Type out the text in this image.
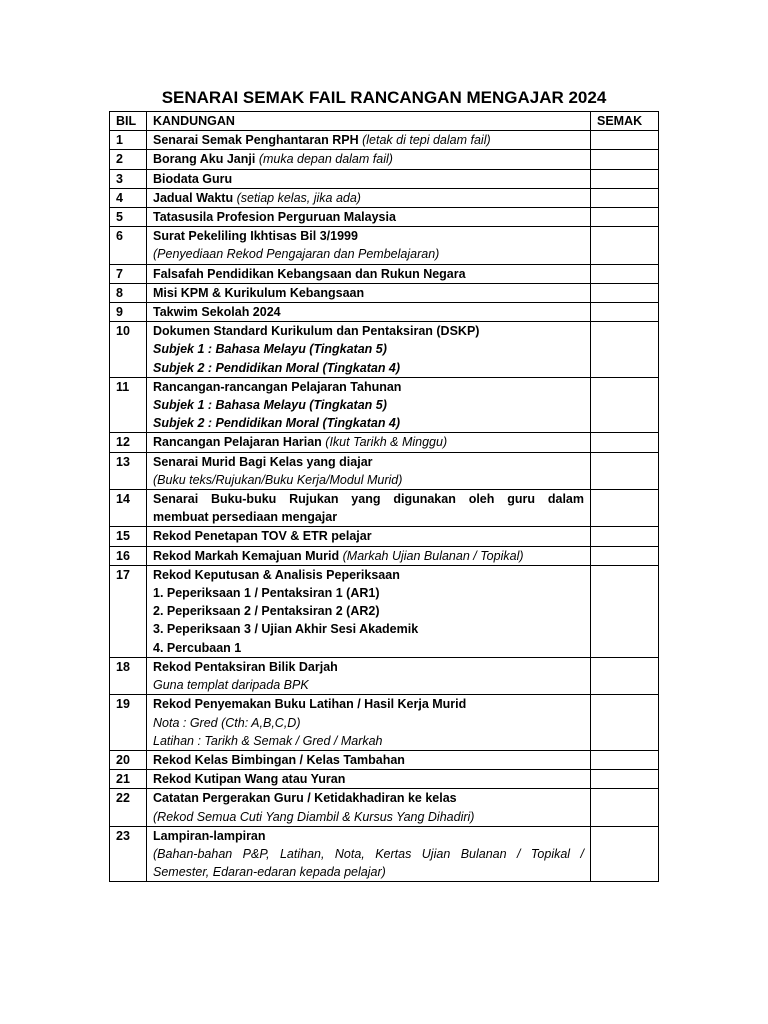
SENARAI SEMAK FAIL RANCANGAN MENGAJAR 2024
BIL	KANDUNGAN	SEMAK
1	Senarai Semak Penghantaran RPH (letak di tepi dalam fail)	

2	Borang Aku Janji (muka depan dalam fail)	

3	Biodata Guru	

4	Jadual Waktu (setiap kelas, jika ada)	

5	Tatasusila Profesion Perguruan Malaysia	

6	Surat Pekeliling Ikhtisas Bil 3/1999
(Penyediaan Rekod Pengajaran dan Pembelajaran)	

7	Falsafah Pendidikan Kebangsaan dan Rukun Negara	

8	Misi KPM & Kurikulum Kebangsaan	

9	Takwim Sekolah 2024	

10	Dokumen Standard Kurikulum dan Pentaksiran (DSKP)
Subjek 1 : Bahasa Melayu (Tingkatan 5)
Subjek 2 : Pendidikan Moral (Tingkatan 4)	

11	Rancangan-rancangan Pelajaran Tahunan
Subjek 1 : Bahasa Melayu (Tingkatan 5)
Subjek 2 : Pendidikan Moral (Tingkatan 4)	

12	Rancangan Pelajaran Harian (Ikut Tarikh & Minggu)	

13	Senarai Murid Bagi Kelas yang diajar
(Buku teks/Rujukan/Buku Kerja/Modul Murid)	

14	Senarai Buku-buku Rujukan yang digunakan oleh guru dalam
membuat persediaan mengajar	

15	Rekod Penetapan TOV & ETR pelajar	

16	Rekod Markah Kemajuan Murid (Markah Ujian Bulanan / Topikal)	

17	Rekod Keputusan & Analisis Peperiksaan
1. Peperiksaan 1 / Pentaksiran 1 (AR1)
2. Peperiksaan 2 / Pentaksiran 2 (AR2)
3. Peperiksaan 3 / Ujian Akhir Sesi Akademik
4. Percubaan 1	

18	Rekod Pentaksiran Bilik Darjah
Guna templat daripada BPK	

19	Rekod Penyemakan Buku Latihan / Hasil Kerja Murid
Nota : Gred (Cth: A,B,C,D)
Latihan : Tarikh & Semak / Gred / Markah	

20	Rekod Kelas Bimbingan / Kelas Tambahan	

21	Rekod Kutipan Wang atau Yuran	

22	Catatan Pergerakan Guru / Ketidakhadiran ke kelas
(Rekod Semua Cuti Yang Diambil & Kursus Yang Dihadiri)	

23	Lampiran-lampiran
(Bahan-bahan P&P, Latihan, Nota, Kertas Ujian Bulanan / Topikal /
Semester, Edaran-edaran kepada pelajar)	
